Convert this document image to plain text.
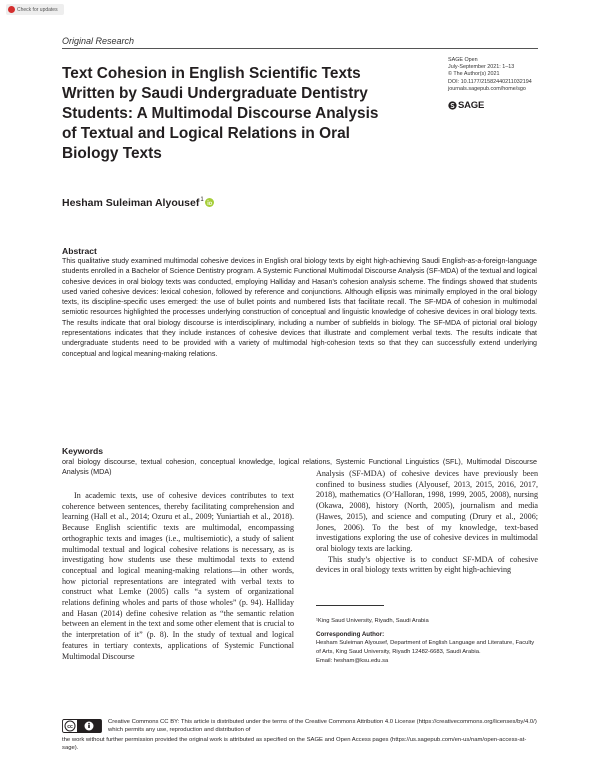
Check for updates
Original Research
Text Cohesion in English Scientific Texts Written by Saudi Undergraduate Dentistry Students: A Multimodal Discourse Analysis of Textual and Logical Relations in Oral Biology Texts
SAGE Open
July-September 2021: 1–13
© The Author(s) 2021
DOI: 10.1177/21582440211032194
journals.sagepub.com/home/sgo
SAGE
Hesham Suleiman Alyousef$^1$
Abstract
This qualitative study examined multimodal cohesive devices in English oral biology texts by eight high-achieving Saudi English-as-a-foreign-language students enrolled in a Bachelor of Science Dentistry program. A Systemic Functional Multimodal Discourse Analysis (SF-MDA) of the textual and logical cohesive devices in oral biology texts was conducted, employing Halliday and Hasan's cohesion analysis scheme. The findings showed that students used varied cohesive devices: lexical cohesion, followed by reference and conjunctions. Although ellipsis was minimally employed in the oral biology texts, its discipline-specific uses emerged: the use of bullet points and numbered lists that facilitate recall. The SF-MDA of cohesion in multimodal semiotic resources highlighted the processes underlying construction of conceptual and linguistic knowledge of cohesive devices in oral biology texts. The results indicate that oral biology discourse is interdisciplinary, including a number of subfields in biology. The SF-MDA of pictorial oral biology representations indicates that they include instances of cohesive devices that illustrate and complement verbal texts. The results indicate that undergraduate students need to be provided with a variety of multimodal high-cohesion texts so that they can successfully extend underlying conceptual and logical meaning-making relations.
Keywords
oral biology discourse, textual cohesion, conceptual knowledge, logical relations, Systemic Functional Linguistics (SFL), Multimodal Discourse Analysis (MDA)

In academic texts, use of cohesive devices contributes to text coherence between sentences, thereby facilitating comprehension and learning (Hall et al., 2014; Ozuru et al., 2009; Yuniartiah et al., 2018). Because English scientific texts are multimodal, encompassing orthographic texts and images (i.e., multisemiotic), a study of salient multimodal textual and logical cohesive relations is necessary, as is investigating how students use these multimodal texts to extend conceptual and logical meaning-making relations—in other words, how pictorial representations are integrated with verbal texts to construct what Lemke (2005) calls “a system of organizational relations defining wholes and parts of those wholes” (p. 94). Halliday and Hasan (2014) define cohesive relation as “the semantic relation between an element in the text and some other element that is crucial to the interpretation of it” (p. 8). In the study of textual and logical features in tertiary contexts, applications of Systemic Functional Multimodal Discourse

Analysis (SF-MDA) of cohesive devices have previously been confined to business studies (Alyousef, 2013, 2015, 2016, 2017, 2018), mathematics (O’Halloran, 1998, 1999, 2005, 2008), nursing (Okawa, 2008), history (North, 2005), journalism and media (Hawes, 2015), and science and computing (Drury et al., 2006; Jones, 2006). To the best of my knowledge, text-based investigations exploring the use of cohesive devices in multimodal oral biology texts are lacking.

This study’s objective is to conduct SF-MDA of cohesive devices in oral biology texts written by eight high-achieving

¹King Saud University, Riyadh, Saudi Arabia
Corresponding Author:
Hesham Suleiman Alyousef, Department of English Language and Literature, Faculty of Arts, King Saud University, Riyadh 12482-6683, Saudi Arabia.
Email: hesham@ksu.edu.sa
cc
Creative Commons CC BY: This article is distributed under the terms of the Creative Commons Attribution 4.0 License (https://creativecommons.org/licenses/by/4.0/) which permits any use, reproduction and distribution of
the work without further permission provided the original work is attributed as specified on the SAGE and Open Access pages (https://us.sagepub.com/en-us/nam/open-access-at-sage).
